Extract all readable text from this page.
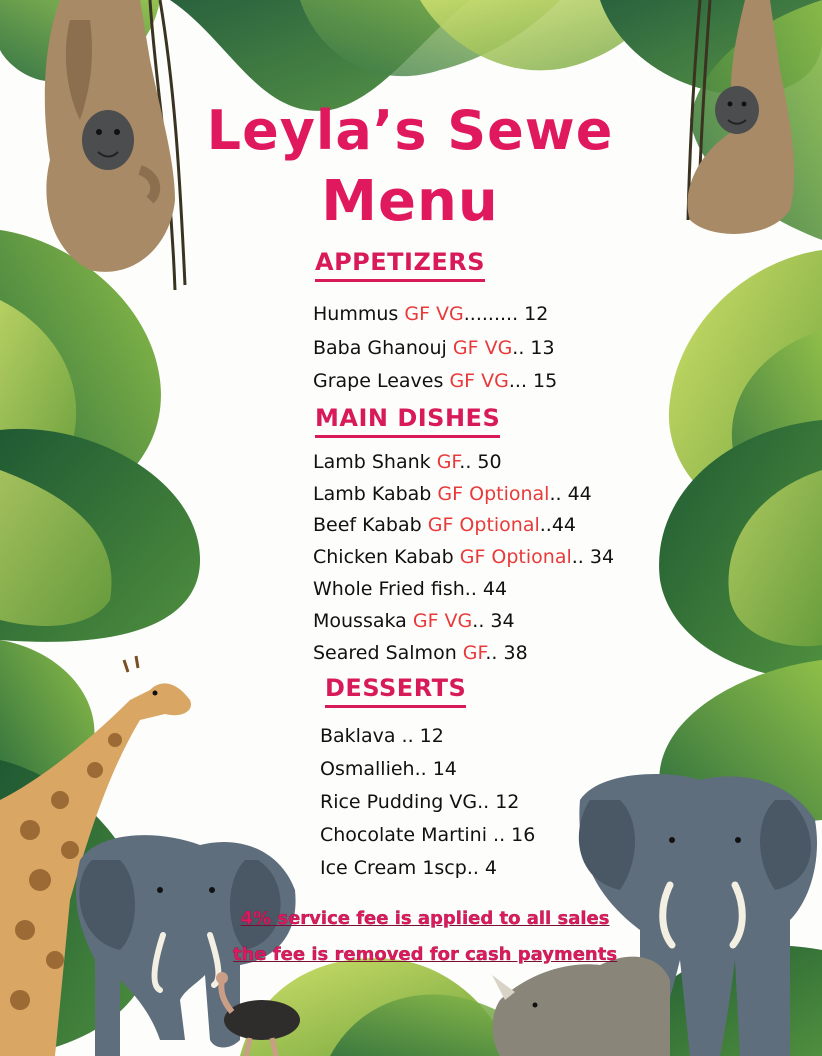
Leyla’s Sewe
Menu
APPETIZERS
Hummus GF VG......... 12
Baba Ghanouj GF VG.. 13
Grape Leaves GF VG... 15
MAIN DISHES
Lamb Shank GF.. 50
Lamb Kabab GF Optional.. 44
Beef Kabab GF Optional..44
Chicken Kabab GF Optional.. 34
Whole Fried fish.. 44
Moussaka GF VG.. 34
Seared Salmon GF.. 38
DESSERTS
Baklava .. 12
Osmallieh.. 14
Rice Pudding VG.. 12
Chocolate Martini .. 16
Ice Cream 1scp.. 4
4% service fee is applied to all sales
the fee is removed for cash payments
